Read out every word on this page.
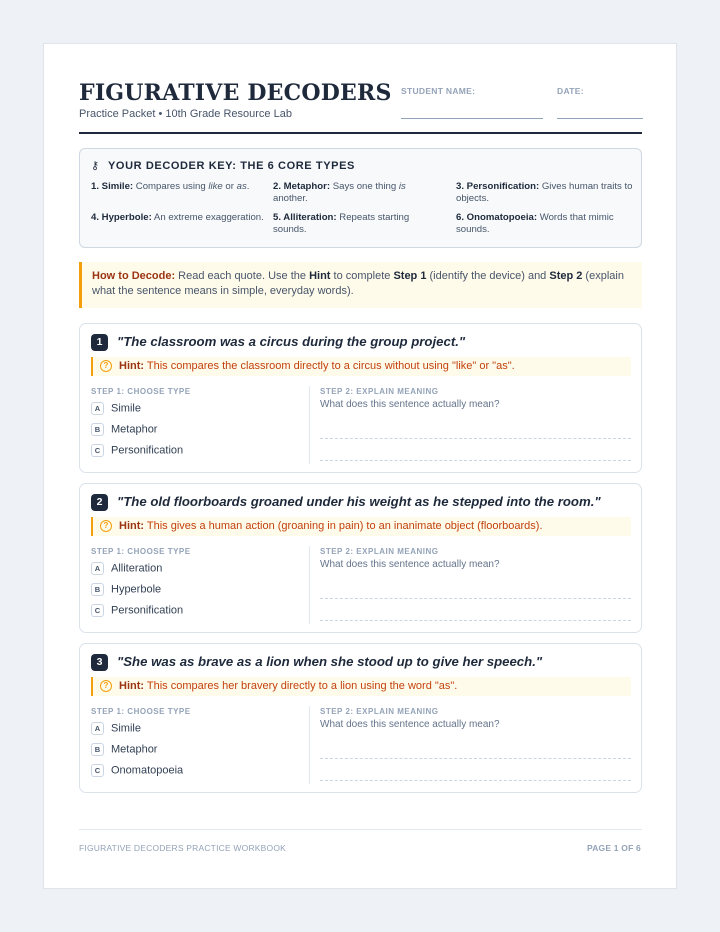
FIGURATIVE DECODERS
Practice Packet • 10th Grade Resource Lab
STUDENT NAME:	DATE:
⚷ YOUR DECODER KEY: THE 6 CORE TYPES
1. Simile: Compares using like or as.	2. Metaphor: Says one thing is another.
3. Personification: Gives human traits to objects.
4. Hyperbole: An extreme exaggeration. 5. Alliteration: Repeats starting sounds.
6. Onomatopoeia: Words that mimic sounds.
How to Decode: Read each quote. Use the Hint to complete Step 1 (identify the device) and Step 2 (explain what the sentence means in simple, everyday words).
1	"The classroom was a circus during the group project."
? Hint: This compares the classroom directly to a circus without using "like" or "as".
STEP 1: CHOOSE TYPE	STEP 2: EXPLAIN MEANING
A Simile
B Metaphor
C Personification
What does this sentence actually mean?
2	"The old floorboards groaned under his weight as he stepped into the room."
? Hint: This gives a human action (groaning in pain) to an inanimate object (floorboards).
STEP 1: CHOOSE TYPE	STEP 2: EXPLAIN MEANING
A Alliteration
B Hyperbole
C Personification
What does this sentence actually mean?
3	"She was as brave as a lion when she stood up to give her speech."
? Hint: This compares her bravery directly to a lion using the word "as".
STEP 1: CHOOSE TYPE	STEP 2: EXPLAIN MEANING
A Simile
B Metaphor
C Onomatopoeia
What does this sentence actually mean?
FIGURATIVE DECODERS PRACTICE WORKBOOK	PAGE 1 OF 6
